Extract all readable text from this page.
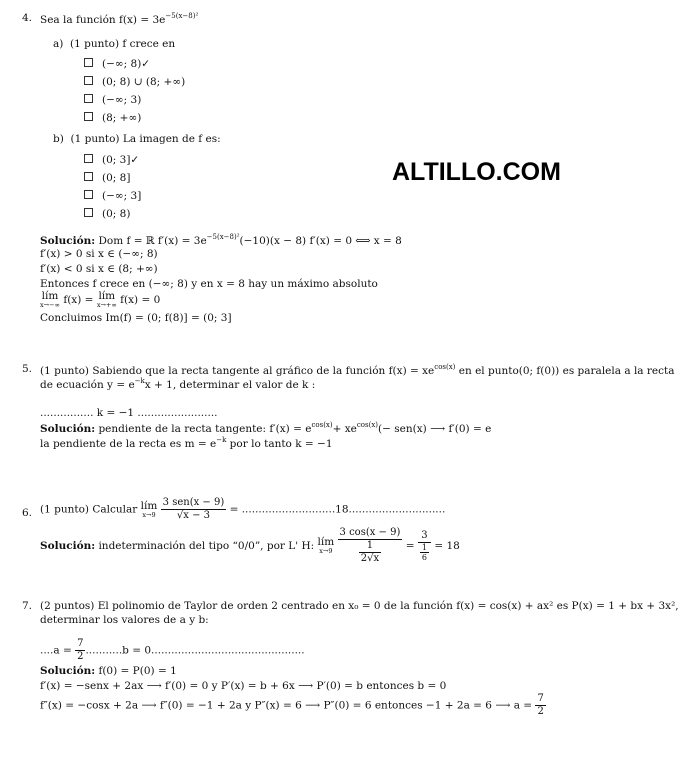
ALTILLO.COM
4. Sea la función $f(x) = 3e^{-5(x-8)^2}$
a) (1 punto) f crece en
(−∞; 8)✓
(0; 8) ∪ (8; +∞)
(−∞; 3)
(8; +∞)
b) (1 punto) La imagen de f es:
(0; 3]✓
(0; 8]
(−∞; 3]
(0; 8)
Solución: Dom f = ℝ $f'(x) = 3e^{-5(x-8)^2}(-10)(x - 8) f'(x) = 0$ ⟺ x = 8
f′(x) > 0 si x ∈ (−∞; 8)
f′(x) < 0 si x ∈ (8; +∞)
Entonces f crece en (−∞; 8) y en x = 8 hay un máximo absoluto
lím
x→−∞ f(x) = lím
x→+∞ f(x) = 0
Concluimos Im(f) = (0; f(8)] = (0; 3]
5. (1 punto) Sabiendo que la recta tangente al gráfico de la función $f(x) = xe^{cos(x)}$ en el punto(0; f(0)) es paralela a la recta
de ecuación $y = e^{-k}x + 1$, determinar el valor de k :
................ k = −1 ........................
Solución: pendiente de la recta tangente: $f'(x) = e^{cos(x)}+ xe^{cos(x)}(- sen(x)$ ⟶ f′(0) = e
la pendiente de la recta es $m = e^{-k}$ por lo tanto k = −1
6. (1 punto) Calcular lím
x→9
$\frac{\text{3 sen(x − 9)}}{√x - 3} = ............................18$.............................
Solución: indeterminación del tipo “0/0”, por L' H: lím
x→9
$\frac{3 \cos(x - 9)}{\frac{1}{2√x}} = \frac{3}{\frac{1}{6}} = 18$
7. (2 puntos) El polinomio de Taylor de orden 2 centrado en x₀ = 0 de la función f(x) = cos(x) + ax² es P(x) = 1 + bx + 3x²,
determinar los valores de a y b:
$....a = \frac{7}{2} ...........b = 0$..............................................
Solución: f(0) = P(0) = 1
f′(x) = −senx + 2ax ⟶ f′(0) = 0 y P′(x) = b + 6x ⟶ P′(0) = b entonces b = 0
f″(x) = −cosx + 2a ⟶ f″(0) = −1 + 2a y P″(x) = 6 ⟶ P″(0) = 6 entonces −1 + 2a = 6 ⟶ $a = \frac{7}{2}$
